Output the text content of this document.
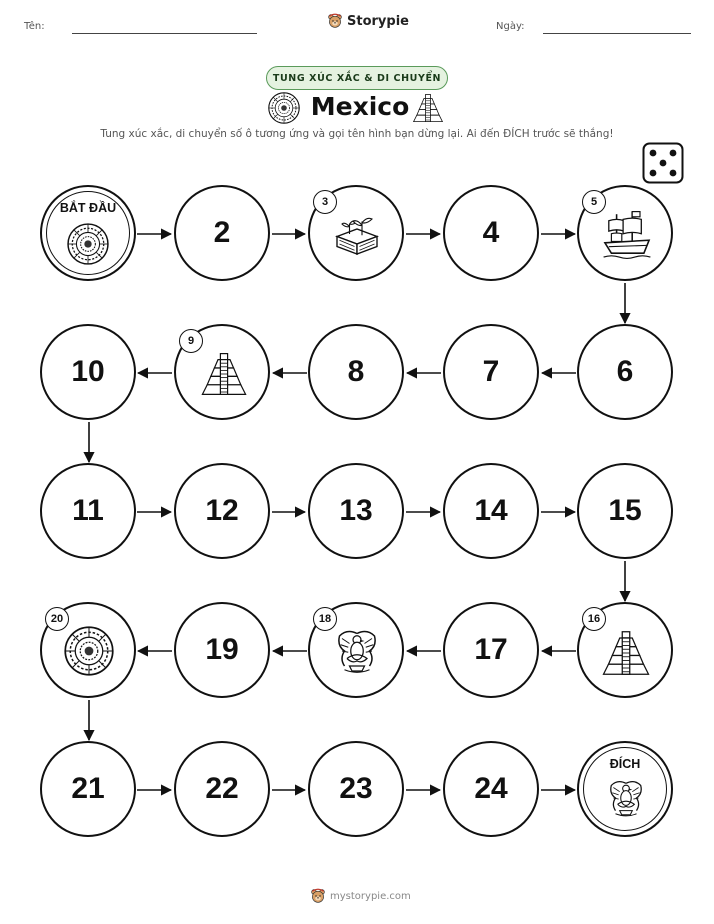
Tên:	Storypie	Ngày:
TUNG XÚC XẮC & DI CHUYỂN
Mexico
Tung xúc xắc, di chuyển số ô tương ứng và gọi tên hình bạn dừng lại. Ai đến ĐÍCH trước sẽ thắng!
BẮT ĐẦU
2
3
4
5
10
9
8	7	6
11	12	13	14	15
20
19
18
17
16
21	22	23	24
ĐÍCH
mystorypie.com
